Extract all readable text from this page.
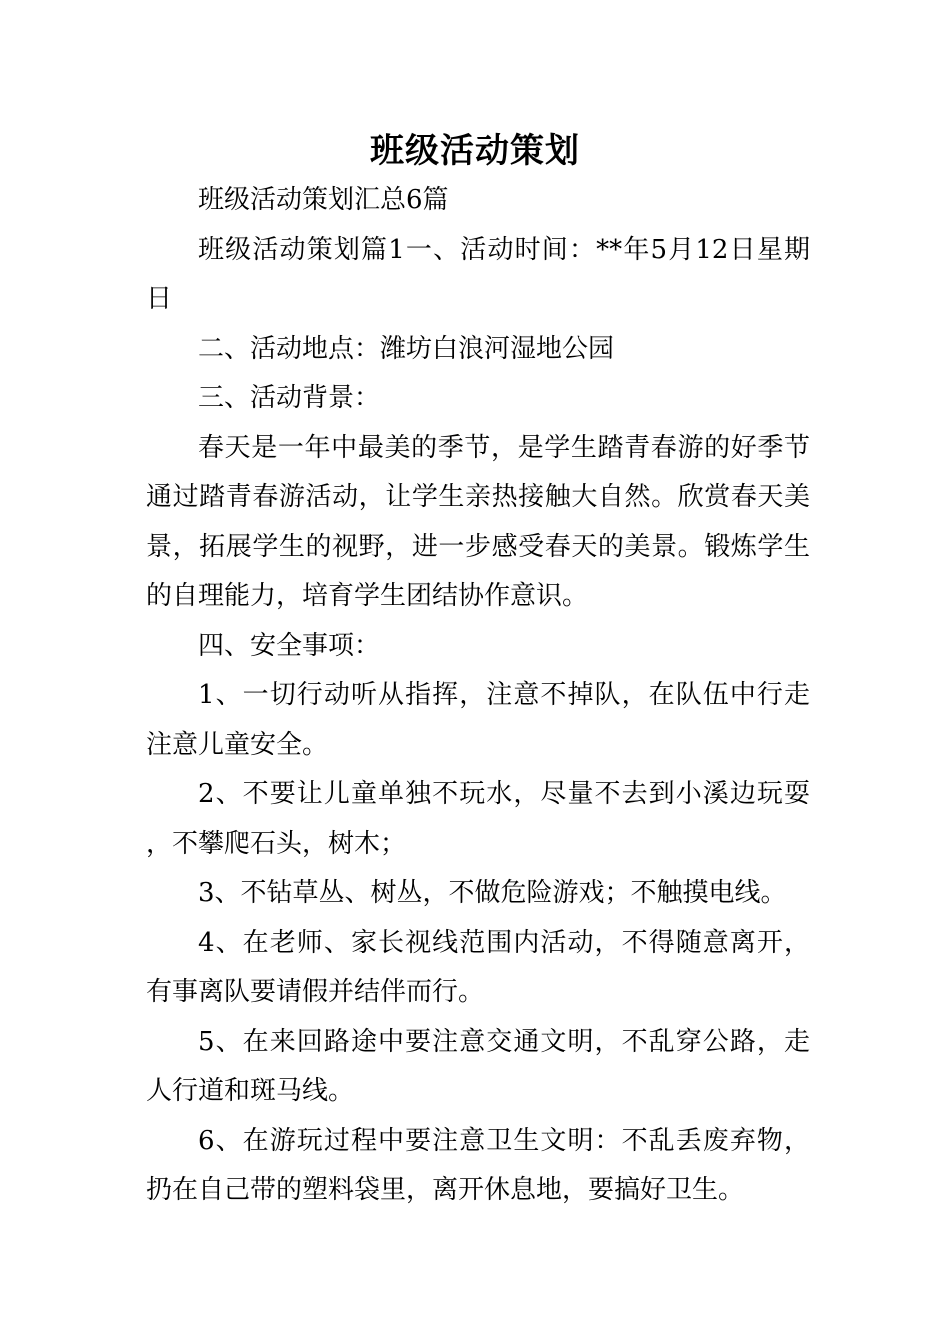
班级活动策划

班级活动策划汇总6篇

班级活动策划篇1一、活动时间：**年5月12日星期日

二、活动地点：潍坊白浪河湿地公园

三、活动背景：

春天是一年中最美的季节，是学生踏青春游的好季节通过踏青春游活动，让学生亲热接触大自然。欣赏春天美景，拓展学生的视野，进一步感受春天的美景。锻炼学生的自理能力，培育学生团结协作意识。

四、安全事项：

1、一切行动听从指挥，注意不掉队，在队伍中行走注意儿童安全。

2、不要让儿童单独不玩水，尽量不去到小溪边玩耍，不攀爬石头，树木；

3、不钻草丛、树丛，不做危险游戏；不触摸电线。

4、在老师、家长视线范围内活动，不得随意离开，有事离队要请假并结伴而行。

5、在来回路途中要注意交通文明，不乱穿公路，走人行道和斑马线。

6、在游玩过程中要注意卫生文明：不乱丢废弃物，扔在自己带的塑料袋里，离开休息地，要搞好卫生。
